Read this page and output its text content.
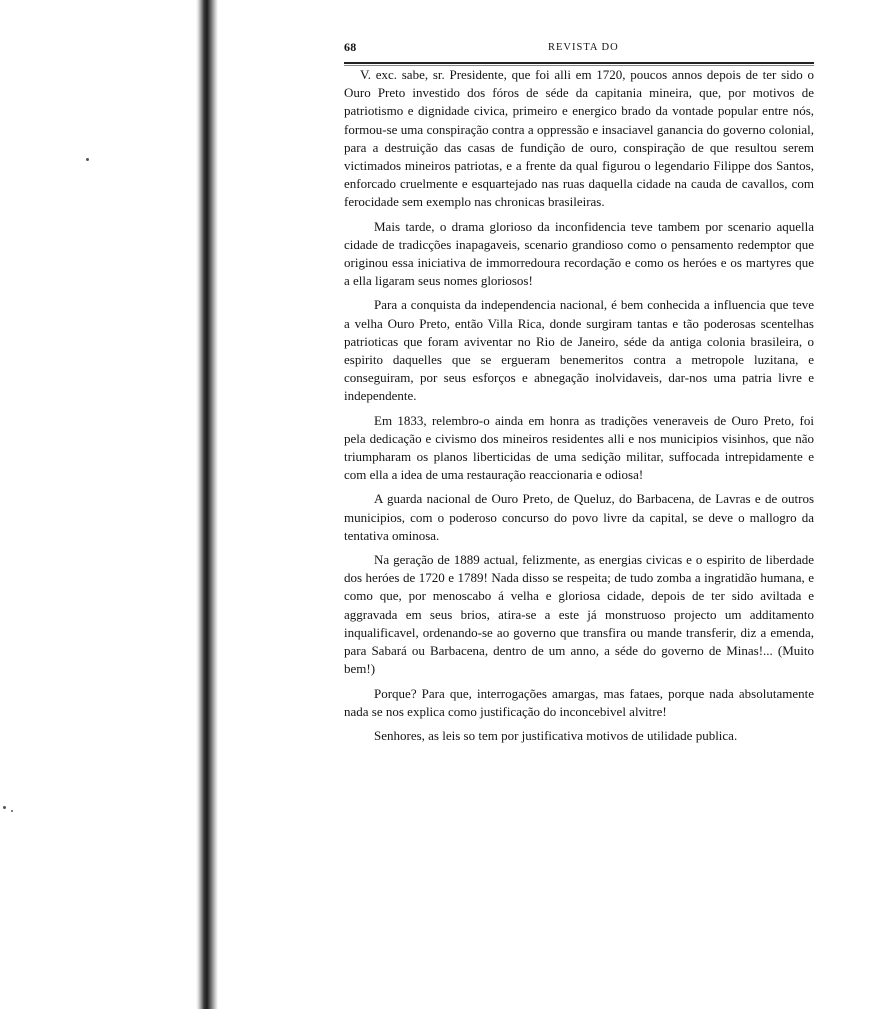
68	REVISTA DO

V. exc. sabe, sr. Presidente, que foi alli em 1720, poucos annos depois de ter sido o Ouro Preto investido dos fóros de séde da capitania mineira, que, por motivos de patriotismo e dignidade civica, primeiro e energico brado da vontade popular entre nós, formou-se uma conspiração contra a oppressão e insaciavel ganancia do governo colonial, para a destruição das casas de fundição de ouro, conspiração de que resultou serem victimados mineiros patriotas, e a frente da qual figurou o legendario Filippe dos Santos, enforcado cruelmente e esquartejado nas ruas daquella cidade na cauda de cavallos, com ferocidade sem exemplo nas chronicas brasileiras.

Mais tarde, o drama glorioso da inconfidencia teve tambem por scenario aquella cidade de tradicções inapagaveis, scenario grandioso como o pensamento redemptor que originou essa iniciativa de immorredoura recordação e como os heróes e os martyres que a ella ligaram seus nomes gloriosos!

Para a conquista da independencia nacional, é bem conhecida a influencia que teve a velha Ouro Preto, então Villa Rica, donde surgiram tantas e tão poderosas scentelhas patrioticas que foram aviventar no Rio de Janeiro, séde da antiga colonia brasileira, o espirito daquelles que se ergueram benemeritos contra a metropole luzitana, e conseguiram, por seus esforços e abnegação inolvidaveis, dar-nos uma patria livre e independente.

Em 1833, relembro-o ainda em honra as tradições veneraveis de Ouro Preto, foi pela dedicação e civismo dos mineiros residentes alli e nos municipios visinhos, que não triumpharam os planos liberticidas de uma sedição militar, suffocada intrepidamente e com ella a idea de uma restauração reaccionaria e odiosa!

A guarda nacional de Ouro Preto, de Queluz, do Barbacena, de Lavras e de outros municipios, com o poderoso concurso do povo livre da capital, se deve o mallogro da tentativa ominosa.

Na geração de 1889 actual, felizmente, as energias civicas e o espirito de liberdade dos heróes de 1720 e 1789! Nada disso se respeita; de tudo zomba a ingratidão humana, e como que, por menoscabo á velha e gloriosa cidade, depois de ter sido aviltada e aggravada em seus brios, atira-se a este já monstruoso projecto um additamento inqualificavel, ordenando-se ao governo que transfira ou mande transferir, diz a emenda, para Sabará ou Barbacena, dentro de um anno, a séde do governo de Minas!... (Muito bem!)

Porque? Para que, interrogações amargas, mas fataes, porque nada absolutamente nada se nos explica como justificação do inconcebivel alvitre!

Senhores, as leis so tem por justificativa motivos de utilidade publica.
